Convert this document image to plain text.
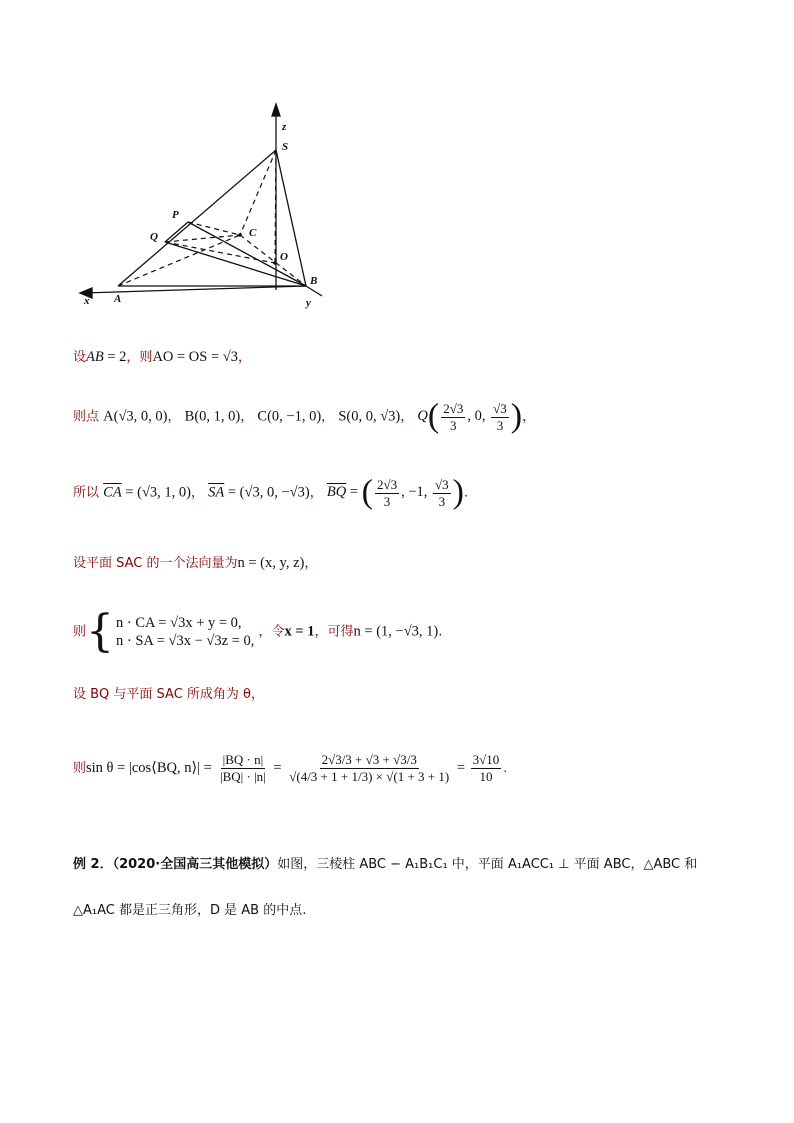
z
S
P
Q	C
O
B
A
x	y
设AB = 2，则AO = OS = √3，
则点 A(√3, 0, 0)， B(0, 1, 0)， C(0, −1, 0)， S(0, 0, √3)， $Q( \frac{2√3}{3}$ , 0, $\frac{√3}{3}$ )，
所以 $\overline{CA} = (√3$, 1, 0)， $\overline{SA} = (√3$, 0, −√3)， $\overline{BQ}$ = ( $\frac{2√3}{3}$ , −1, $\frac{√3}{3}$ ).
设平面 SAC 的一个法向量为n = (x, y, z)，
则{ n · CA = √3x + y = 0,
n · SA = √3x − √3z = 0,
，令x = 1，可得n = (1, −√3, 1).
设 BQ 与平面 SAC 所成角为 θ，
则sin θ = |cos⟨BQ, n⟩| = $\frac{|BQ \cdot n|}{|BQ| \cdot |n|} = \frac{2√3/3 + √3 + √3/3}{√(4/3 + 1 + 1/3) \times √(1 + 3 + 1)} = \frac{3√10}{10}$ .
例 2．（2020·全国高三其他模拟）如图，三棱柱 ABC − A₁B₁C₁ 中，平面 A₁ACC₁ ⊥ 平面 ABC，△ABC 和
△A₁AC 都是正三角形，D 是 AB 的中点.
